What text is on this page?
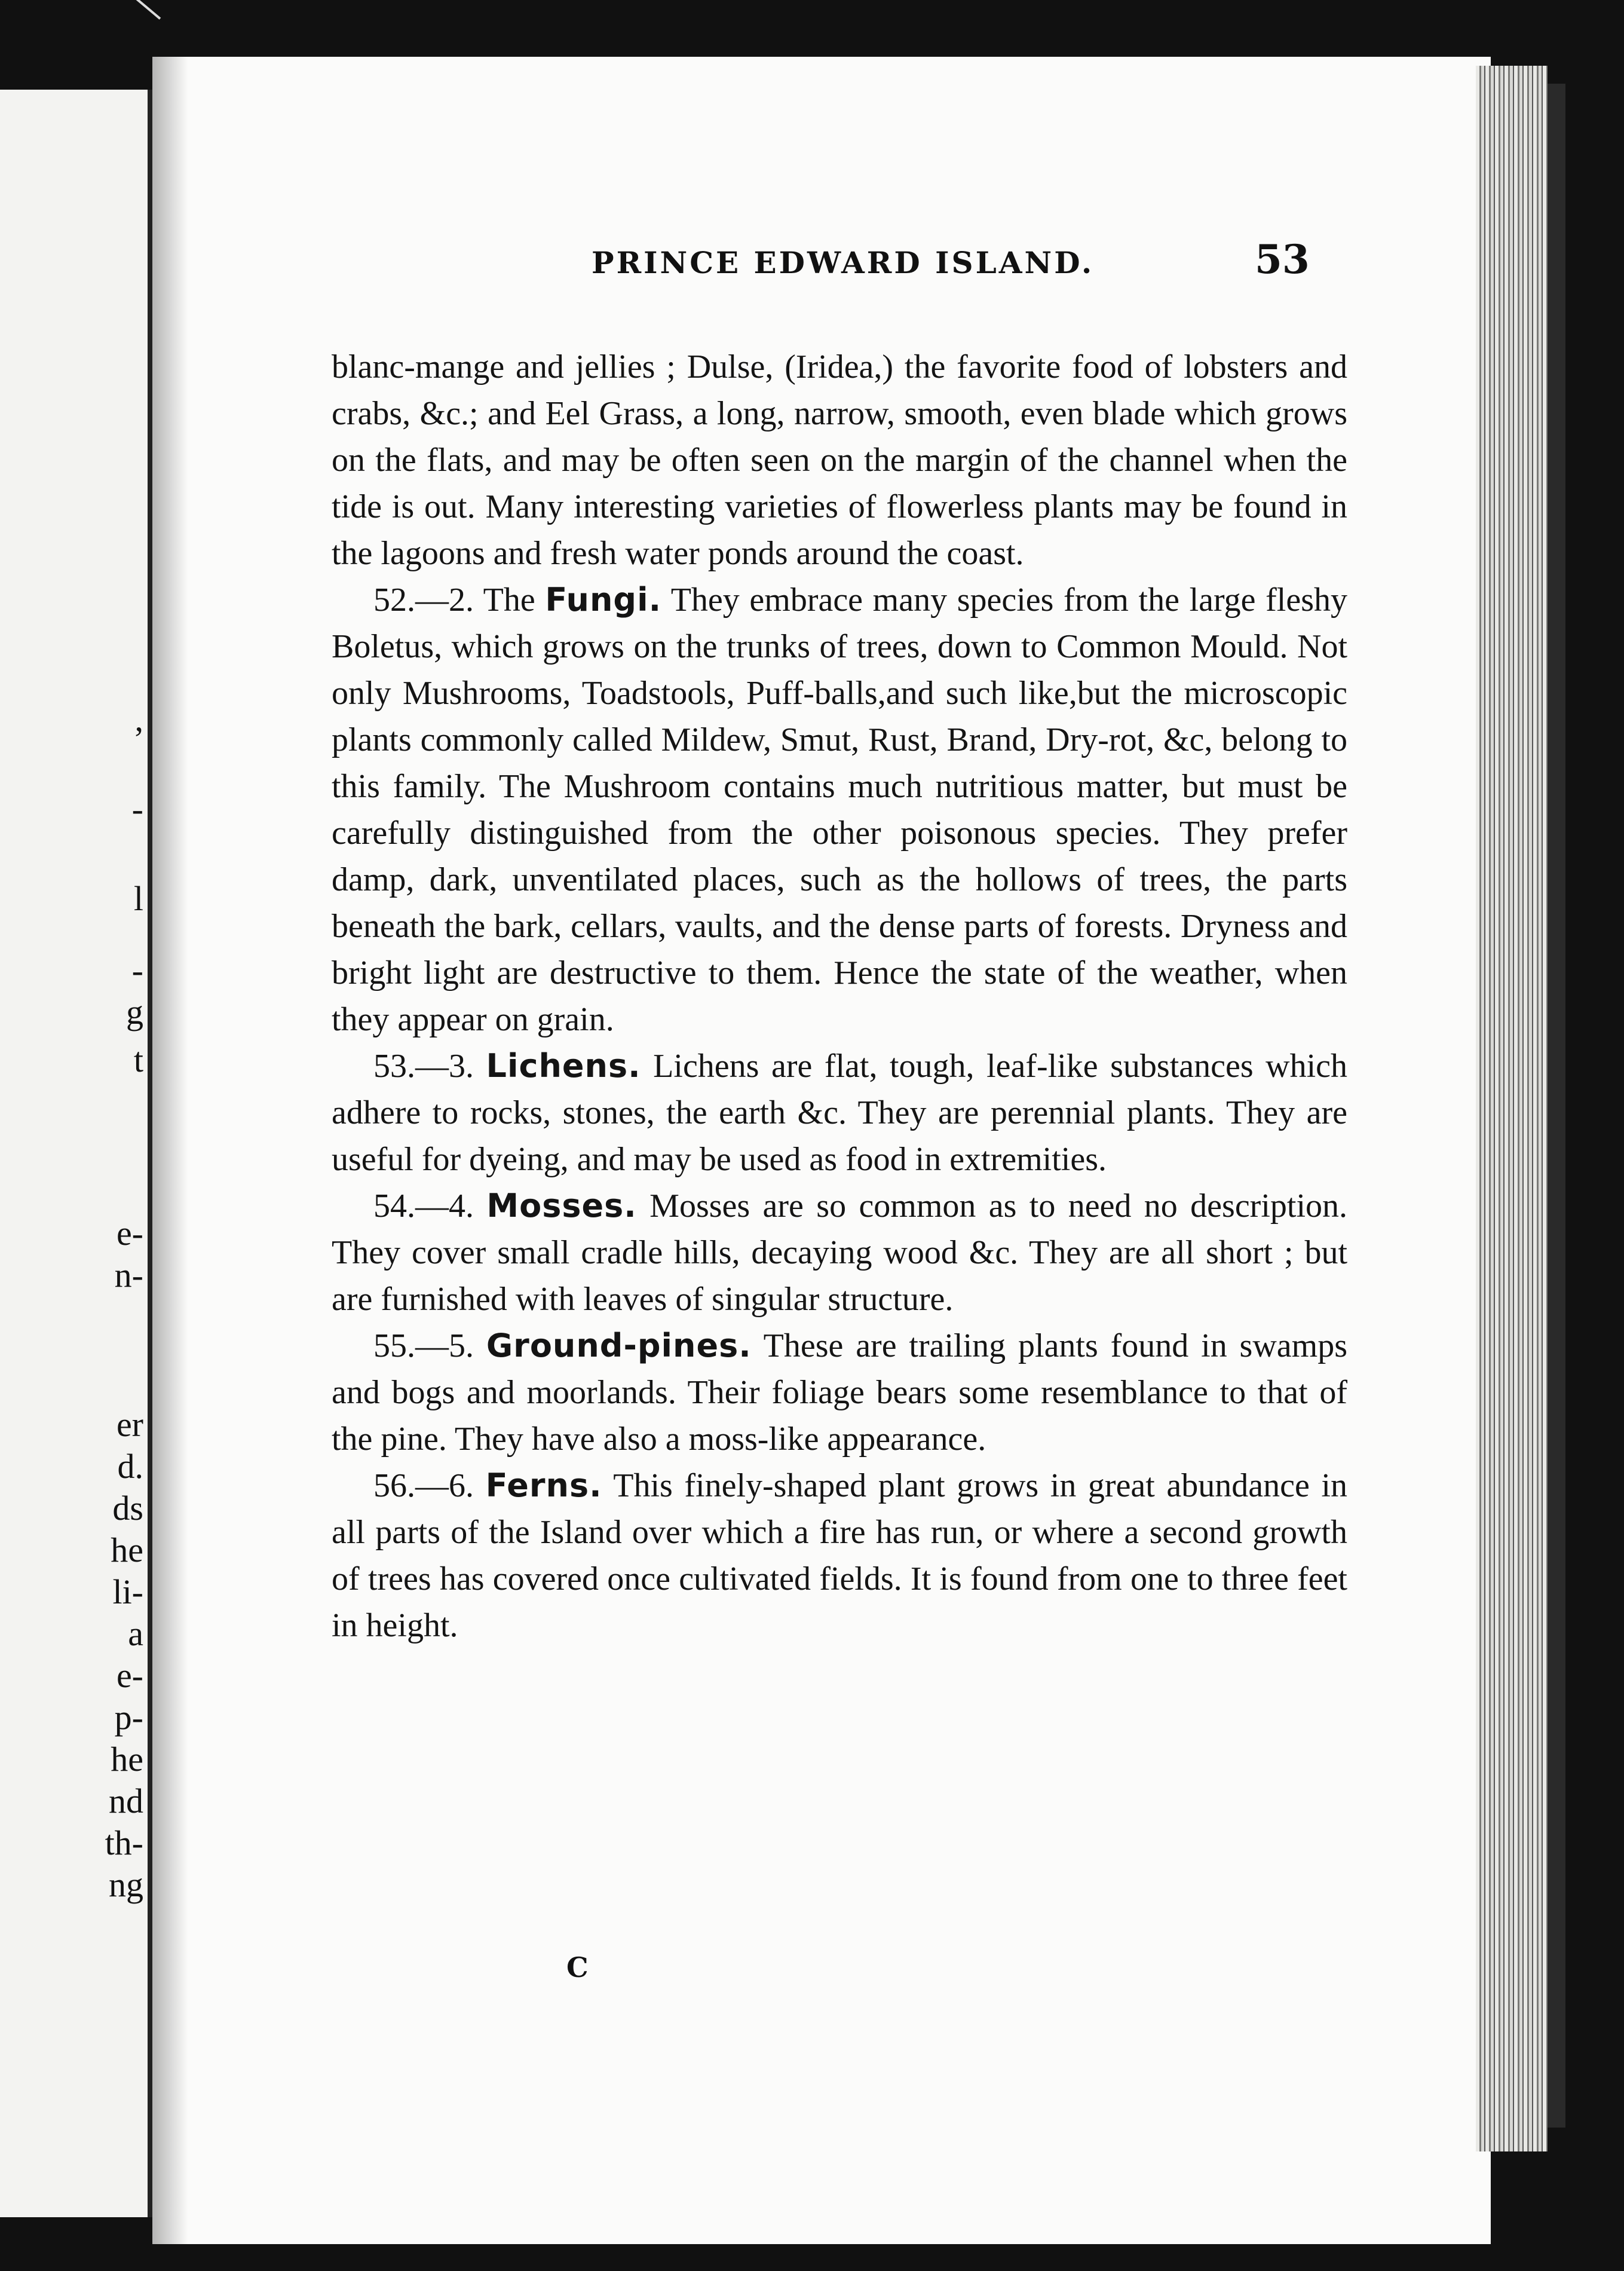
,
-
l
-
g
t
e-
n-
er
d.
ds
he
li-
a
e-
p-
he
nd
th-
ng
PRINCE EDWARD ISLAND.	53

blanc-mange and jellies ; Dulse, (Iridea,) the favorite food of lobsters and crabs, &c.; and Eel Grass, a long, narrow, smooth, even blade which grows on the flats, and may be often seen on the margin of the channel when the tide is out. Many interesting varieties of flowerless plants may be found in the lagoons and fresh water ponds around the coast.

52.—2. The Fungi. They embrace many species from the large fleshy Boletus, which grows on the trunks of trees, down to Common Mould. Not only Mushrooms, Toadstools, Puff-balls,and such like,but the microscopic plants commonly called Mildew, Smut, Rust, Brand, Dry-rot, &c, belong to this family. The Mushroom contains much nutritious matter, but must be carefully distinguished from the other poisonous species. They prefer damp, dark, unventilated places, such as the hollows of trees, the parts beneath the bark, cellars, vaults, and the dense parts of forests. Dryness and bright light are destructive to them. Hence the state of the weather, when they appear on grain.

53.—3. Lichens. Lichens are flat, tough, leaf-like substances which adhere to rocks, stones, the earth &c. They are perennial plants. They are useful for dyeing, and may be used as food in extremities.

54.—4. Mosses. Mosses are so common as to need no description. They cover small cradle hills, decaying wood &c. They are all short ; but are furnished with leaves of singular structure.

55.—5. Ground-pines. These are trailing plants found in swamps and bogs and moorlands. Their foliage bears some resemblance to that of the pine. They have also a moss-like appearance.

56.—6. Ferns. This finely-shaped plant grows in great abundance in all parts of the Island over which a fire has run, or where a second growth of trees has covered once cultivated fields. It is found from one to three feet in height.

C
